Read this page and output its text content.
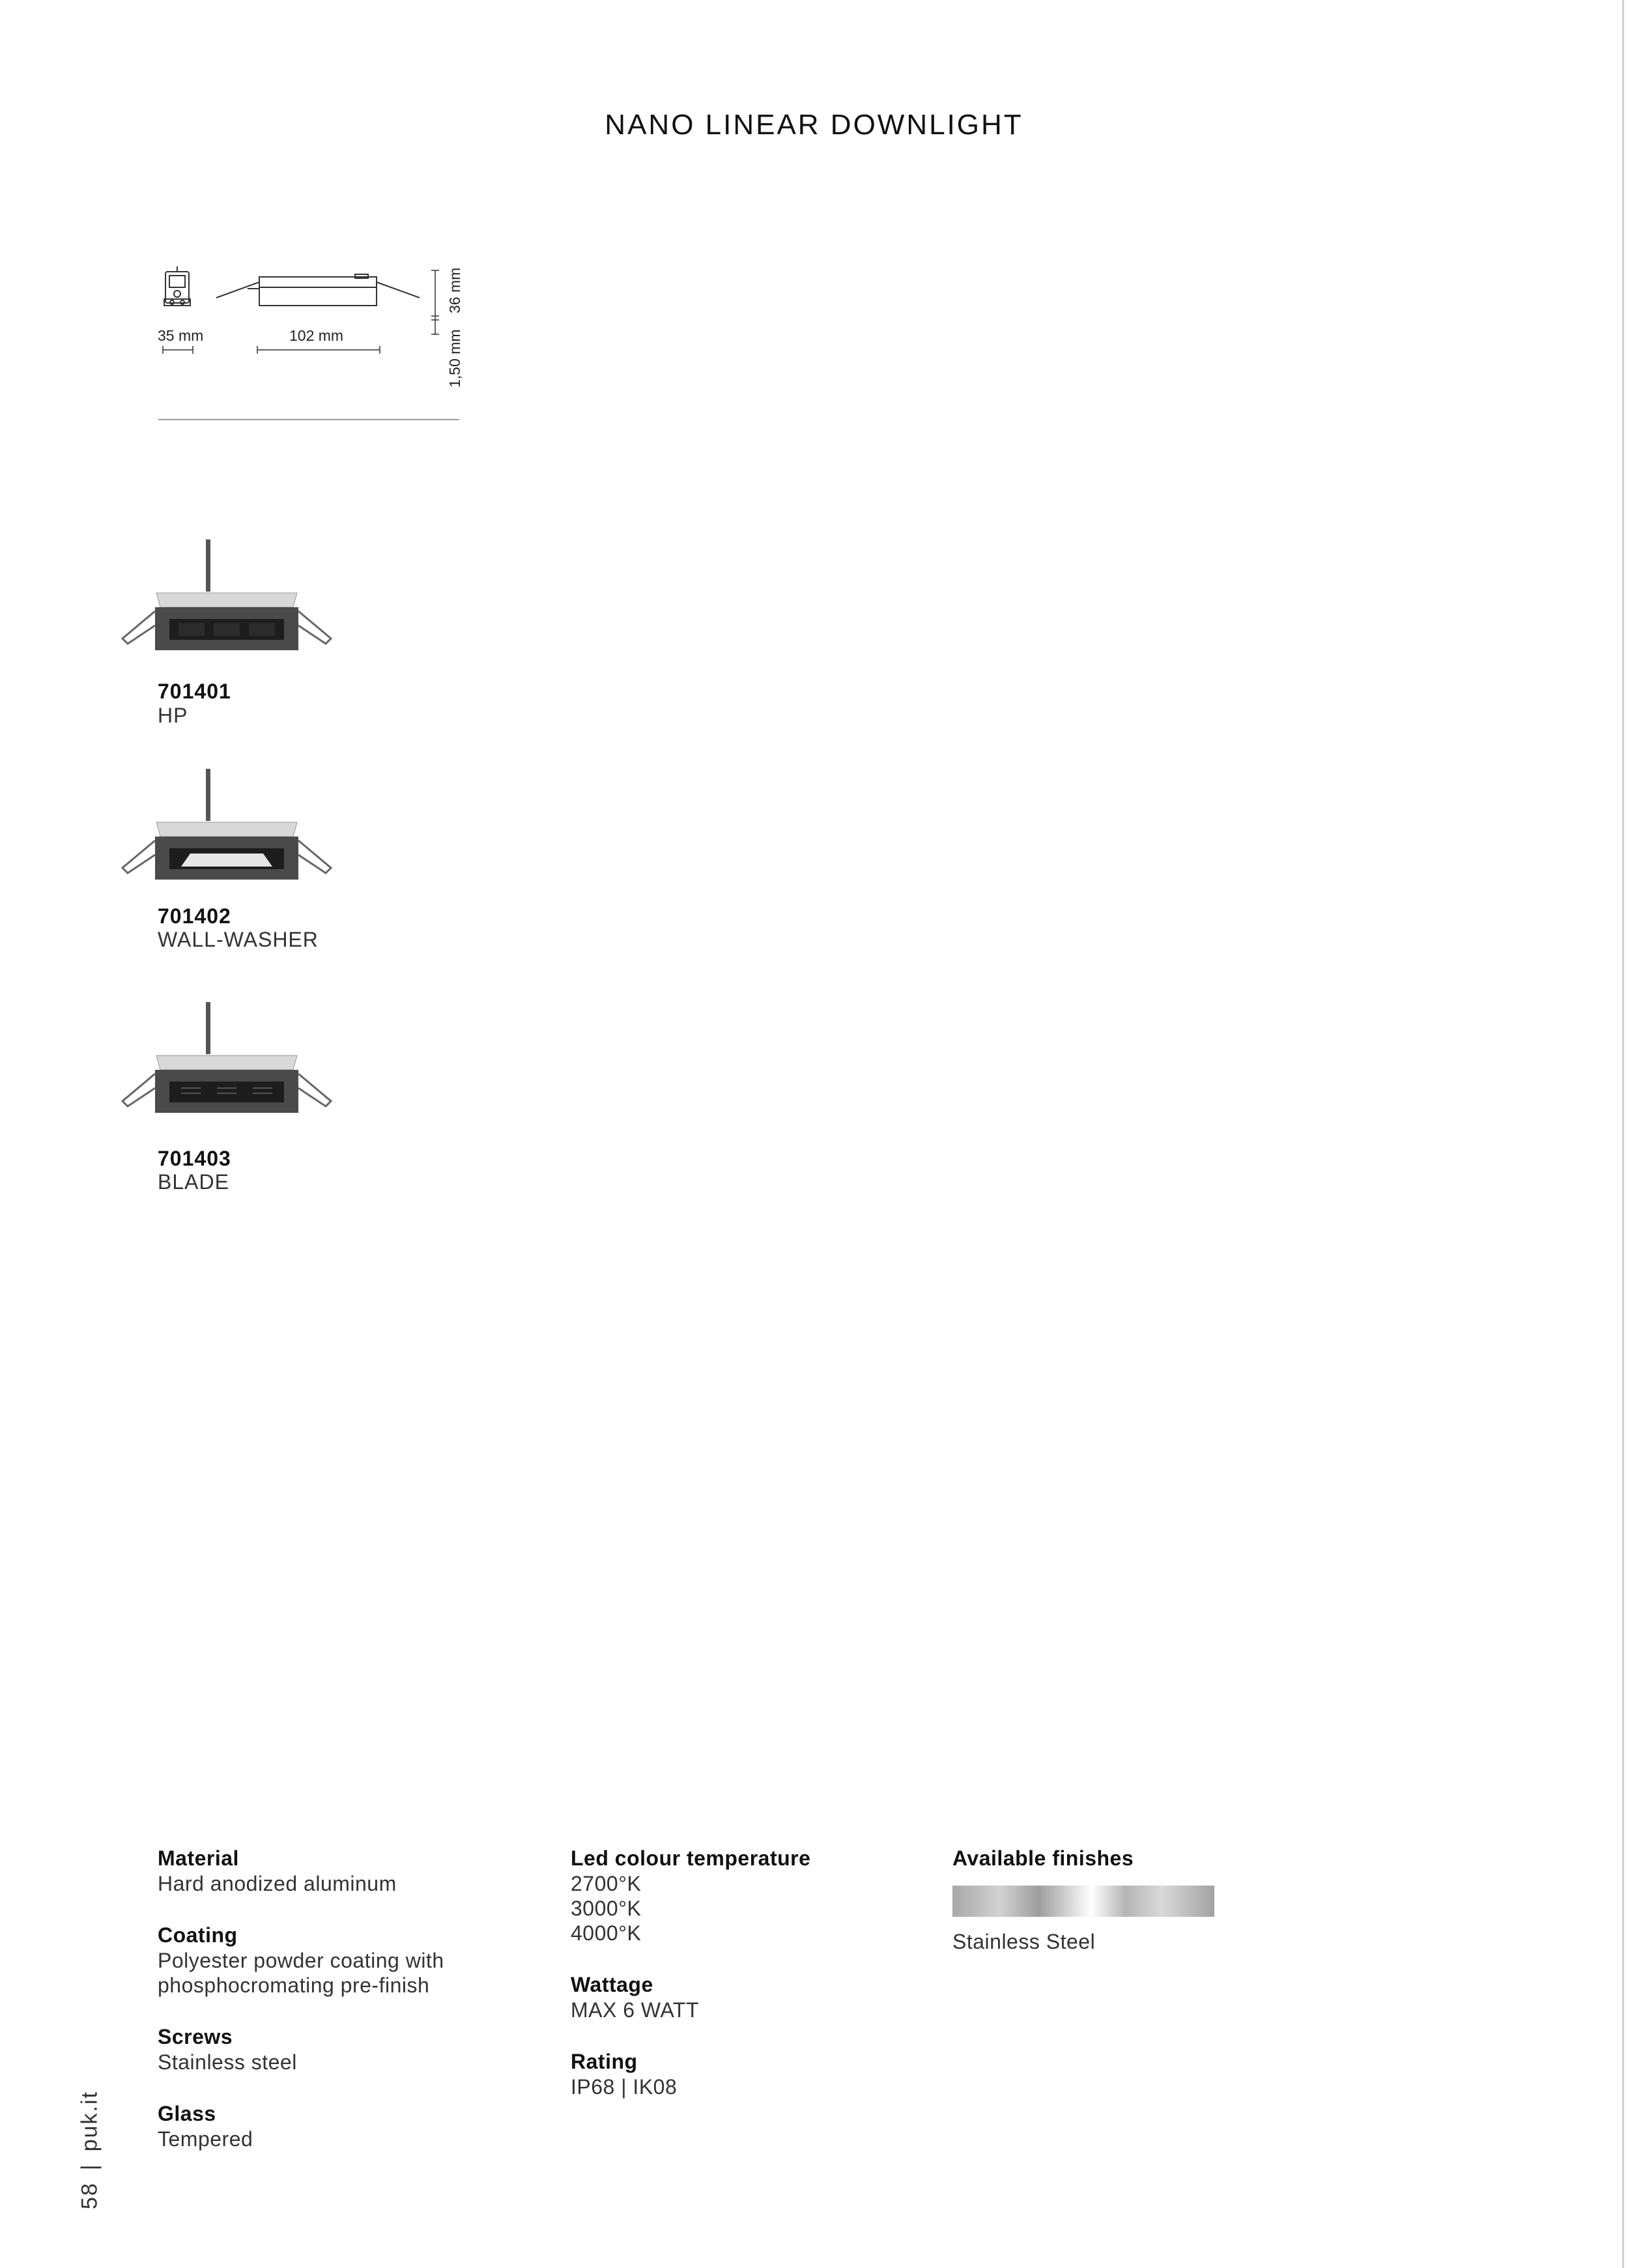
NANO LINEAR DOWNLIGHT
35 mm	102 mm
36 mm
1,50 mm
701401
HP
701402
WALL-WASHER
701403
BLADE
Material
Hard anodized aluminum
Coating
Polyester powder coating with
phosphocromating pre-finish
Screws
Stainless steel
Glass
Tempered
Led colour temperature
2700°K
3000°K
4000°K
Wattage
MAX 6 WATT
Rating
IP68 | IK08
Available finishes
Stainless Steel
58|puk.it
